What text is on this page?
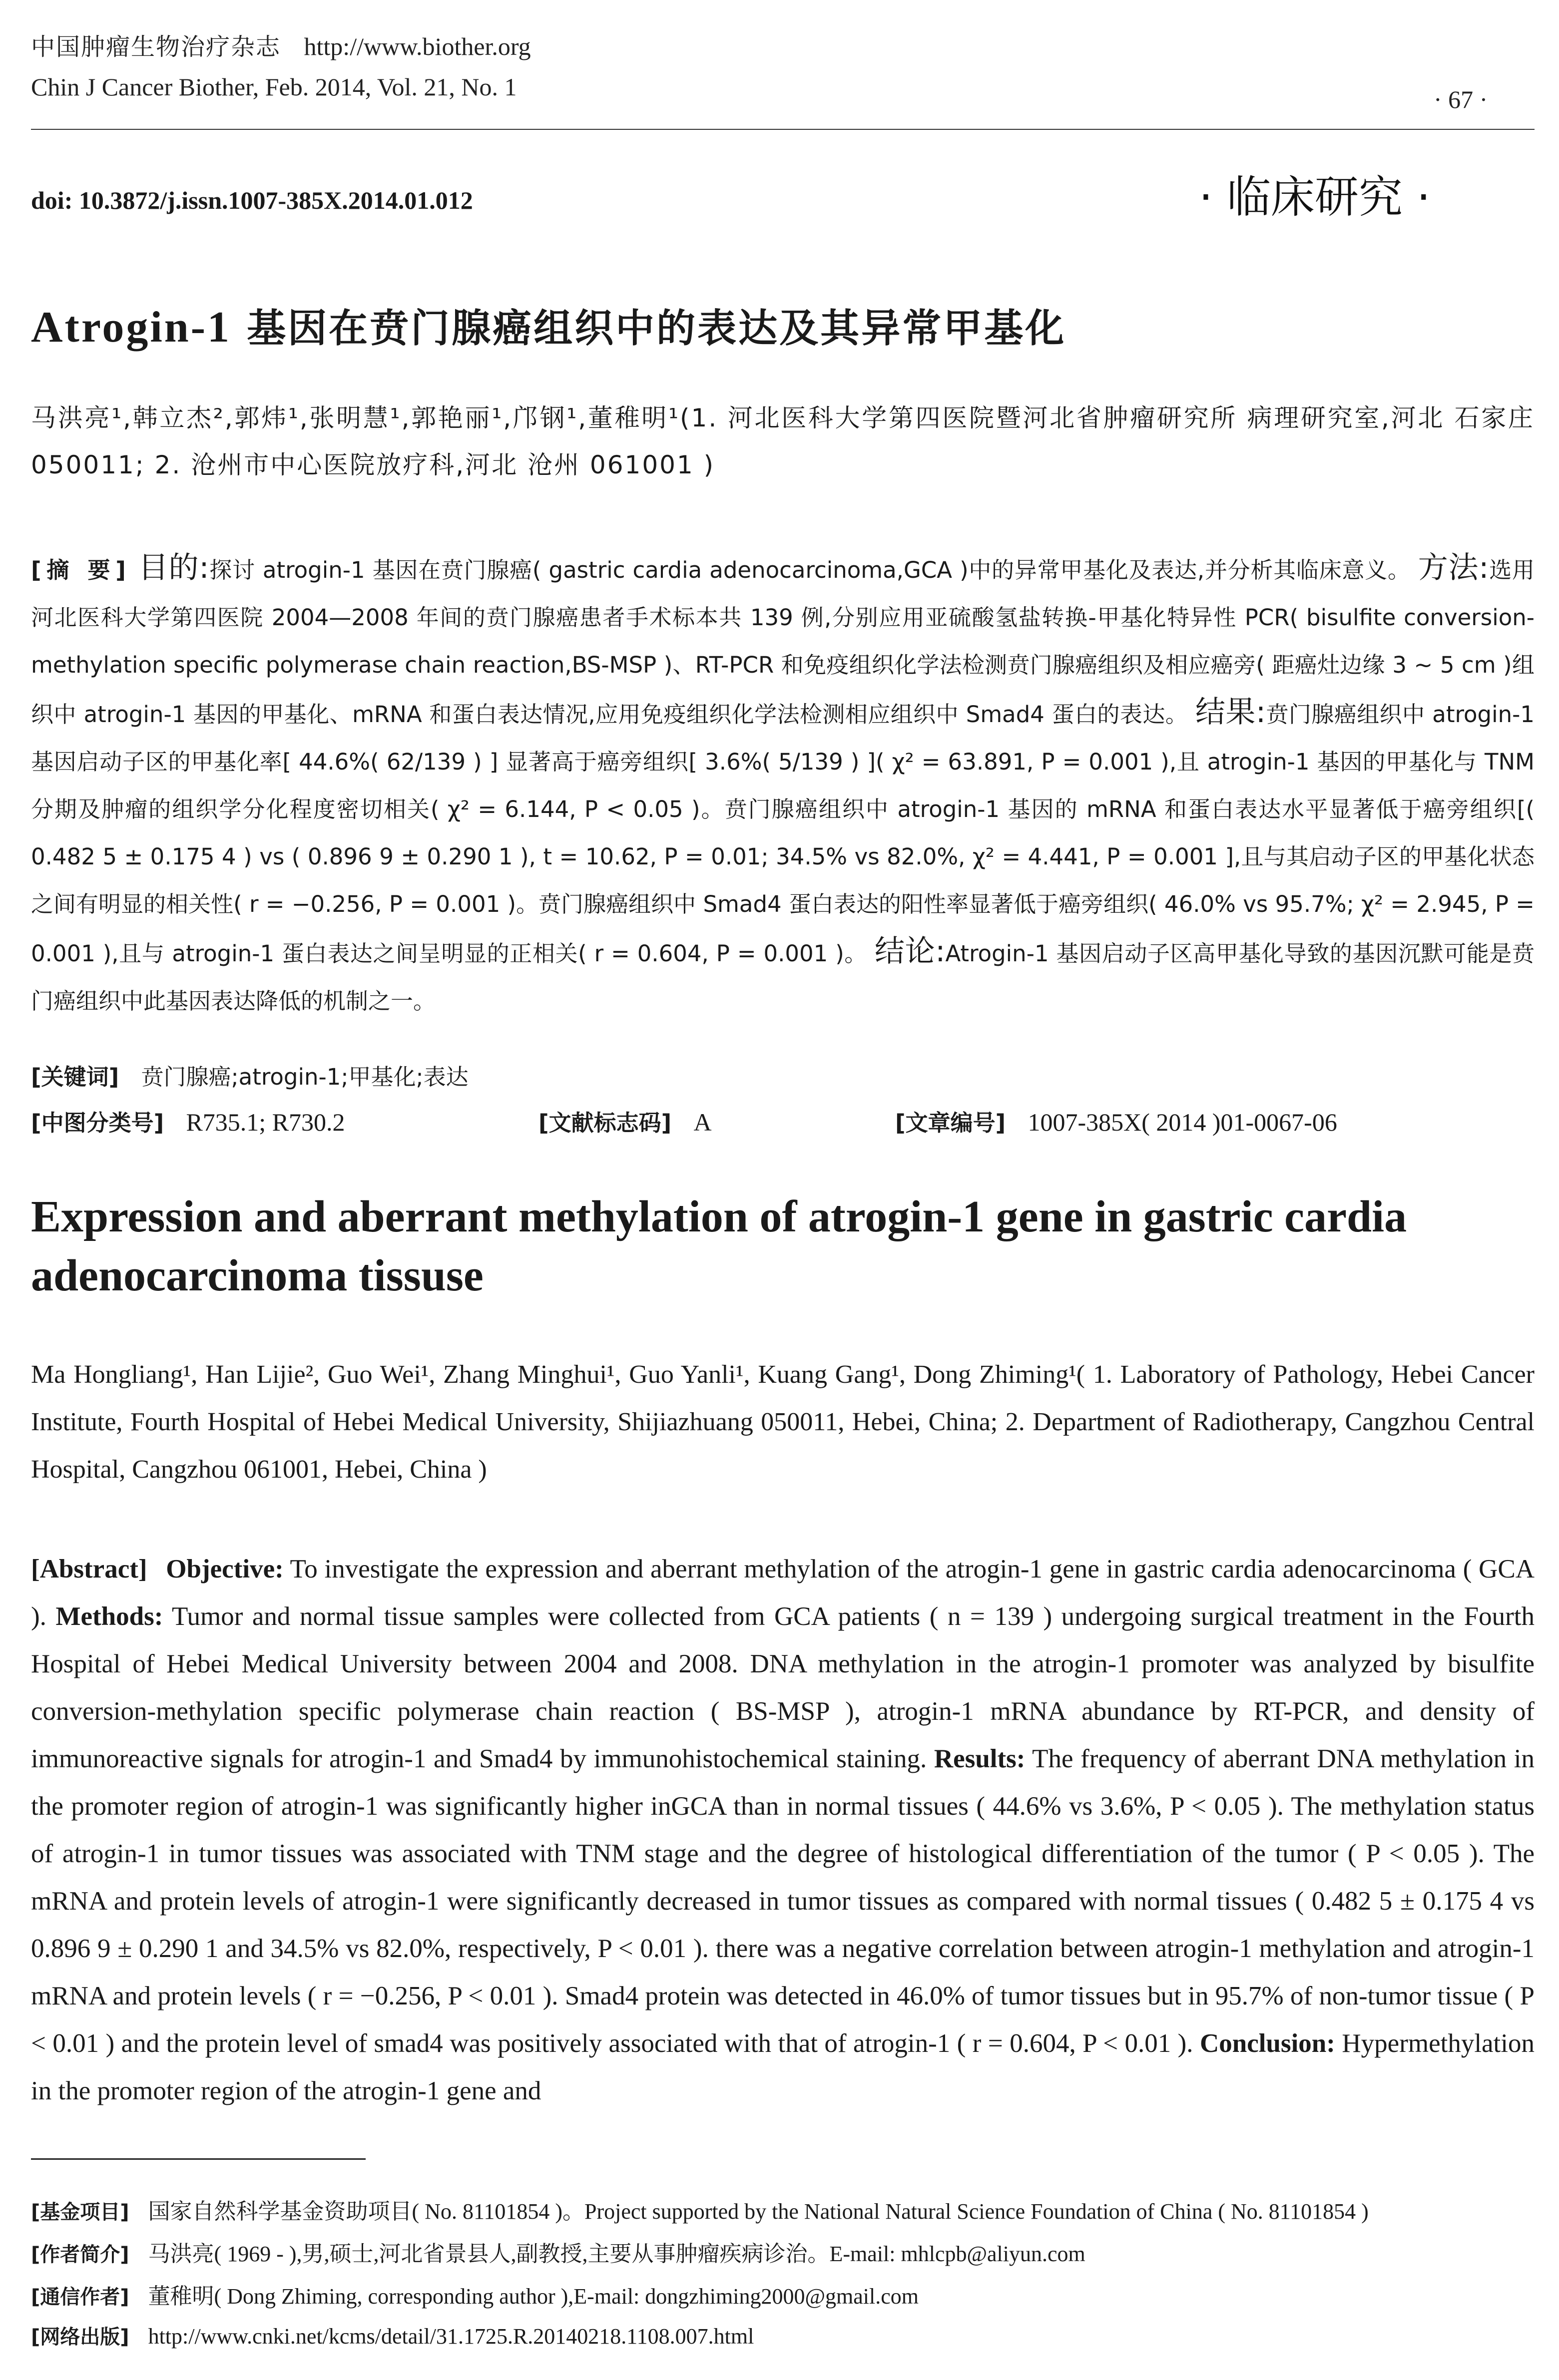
中国肿瘤生物治疗杂志 http://www.biother.org
Chin J Cancer Biother, Feb. 2014, Vol. 21, No. 1	· 67 ·
doi: 10.3872/j.issn.1007-385X.2014.01.012	· 临床研究 ·
Atrogin-1 基因在贲门腺癌组织中的表达及其异常甲基化
马洪亮¹,韩立杰²,郭炜¹,张明慧¹,郭艳丽¹,邝钢¹,董稚明¹(1. 河北医科大学第四医院暨河北省肿瘤研究所 病理研究室,河北 石家庄 050011; 2. 沧州市中心医院放疗科,河北 沧州 061001 )
[摘 要] 目的:探讨 atrogin-1 基因在贲门腺癌( gastric cardia adenocarcinoma,GCA )中的异常甲基化及表达,并分析其临床意义。 方法:选用河北医科大学第四医院 2004—2008 年间的贲门腺癌患者手术标本共 139 例,分别应用亚硫酸氢盐转换-甲基化特异性 PCR( bisulfite conversion-methylation specific polymerase chain reaction,BS-MSP )、RT-PCR 和免疫组织化学法检测贲门腺癌组织及相应癌旁( 距癌灶边缘 3 ~ 5 cm )组织中 atrogin-1 基因的甲基化、mRNA 和蛋白表达情况,应用免疫组织化学法检测相应组织中 Smad4 蛋白的表达。 结果:贲门腺癌组织中 atrogin-1 基因启动子区的甲基化率[ 44.6%( 62/139 ) ] 显著高于癌旁组织[ 3.6%( 5/139 ) ]( χ² = 63.891, P = 0.001 ),且 atrogin-1 基因的甲基化与 TNM 分期及肿瘤的组织学分化程度密切相关( χ² = 6.144, P < 0.05 )。贲门腺癌组织中 atrogin-1 基因的 mRNA 和蛋白表达水平显著低于癌旁组织[( 0.482 5 ± 0.175 4 ) vs ( 0.896 9 ± 0.290 1 ), t = 10.62, P = 0.01; 34.5% vs 82.0%, χ² = 4.441, P = 0.001 ],且与其启动子区的甲基化状态之间有明显的相关性( r = −0.256, P = 0.001 )。贲门腺癌组织中 Smad4 蛋白表达的阳性率显著低于癌旁组织( 46.0% vs 95.7%; χ² = 2.945, P = 0.001 ),且与 atrogin-1 蛋白表达之间呈明显的正相关( r = 0.604, P = 0.001 )。 结论:Atrogin-1 基因启动子区高甲基化导致的基因沉默可能是贲门癌组织中此基因表达降低的机制之一。
[关键词] 贲门腺癌;atrogin-1;甲基化;表达
[中图分类号] R735.1; R730.2	[文献标志码] A	[文章编号] 1007-385X( 2014 )01-0067-06
Expression and aberrant methylation of atrogin-1 gene in gastric cardia adenocarcinoma tissuse
Ma Hongliang¹, Han Lijie², Guo Wei¹, Zhang Minghui¹, Guo Yanli¹, Kuang Gang¹, Dong Zhiming¹( 1. Laboratory of Pathology, Hebei Cancer Institute, Fourth Hospital of Hebei Medical University, Shijiazhuang 050011, Hebei, China; 2. Department of Radiotherapy, Cangzhou Central Hospital, Cangzhou 061001, Hebei, China )
[Abstract] Objective: To investigate the expression and aberrant methylation of the atrogin-1 gene in gastric cardia adenocarcinoma ( GCA ). Methods: Tumor and normal tissue samples were collected from GCA patients ( n = 139 ) undergoing surgical treatment in the Fourth Hospital of Hebei Medical University between 2004 and 2008. DNA methylation in the atrogin-1 promoter was analyzed by bisulfite conversion-methylation specific polymerase chain reaction ( BS-MSP ), atrogin-1 mRNA abundance by RT-PCR, and density of immunoreactive signals for atrogin-1 and Smad4 by immunohistochemical staining. Results: The frequency of aberrant DNA methylation in the promoter region of atrogin-1 was significantly higher inGCA than in normal tissues ( 44.6% vs 3.6%, P < 0.05 ). The methylation status of atrogin-1 in tumor tissues was associated with TNM stage and the degree of histological differentiation of the tumor ( P < 0.05 ). The mRNA and protein levels of atrogin-1 were significantly decreased in tumor tissues as compared with normal tissues ( 0.482 5 ± 0.175 4 vs 0.896 9 ± 0.290 1 and 34.5% vs 82.0%, respectively, P < 0.01 ). there was a negative correlation between atrogin-1 methylation and atrogin-1 mRNA and protein levels ( r = −0.256, P < 0.01 ). Smad4 protein was detected in 46.0% of tumor tissues but in 95.7% of non-tumor tissue ( P < 0.01 ) and the protein level of smad4 was positively associated with that of atrogin-1 ( r = 0.604, P < 0.01 ). Conclusion: Hypermethylation in the promoter region of the atrogin-1 gene and
[基金项目] 国家自然科学基金资助项目( No. 81101854 )。Project supported by the National Natural Science Foundation of China ( No. 81101854 )
[作者简介] 马洪亮( 1969 - ),男,硕士,河北省景县人,副教授,主要从事肿瘤疾病诊治。E-mail: mhlcpb@aliyun.com
[通信作者] 董稚明( Dong Zhiming, corresponding author ),E-mail: dongzhiming2000@gmail.com
[网络出版] http://www.cnki.net/kcms/detail/31.1725.R.20140218.1108.007.html
